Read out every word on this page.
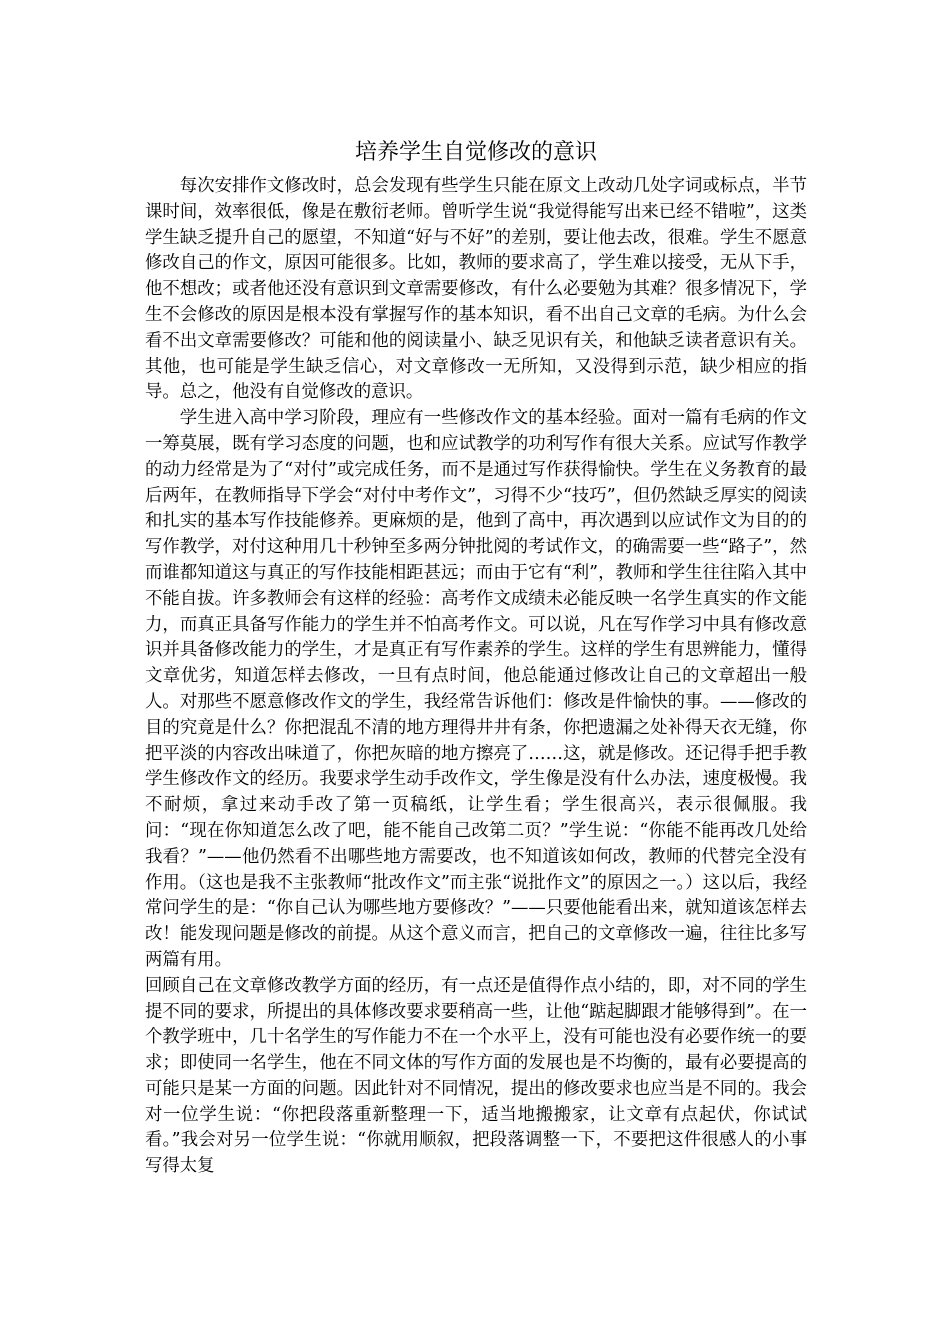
培养学生自觉修改的意识

每次安排作文修改时，总会发现有些学生只能在原文上改动几处字词或标点，半节课时间，效率很低，像是在敷衍老师。曾听学生说“我觉得能写出来已经不错啦”，这类学生缺乏提升自己的愿望，不知道“好与不好”的差别，要让他去改，很难。学生不愿意修改自己的作文，原因可能很多。比如，教师的要求高了，学生难以接受，无从下手，他不想改；或者他还没有意识到文章需要修改，有什么必要勉为其难？很多情况下，学生不会修改的原因是根本没有掌握写作的基本知识，看不出自己文章的毛病。为什么会看不出文章需要修改？可能和他的阅读量小、缺乏见识有关，和他缺乏读者意识有关。其他，也可能是学生缺乏信心，对文章修改一无所知，又没得到示范，缺少相应的指导。总之，他没有自觉修改的意识。

学生进入高中学习阶段，理应有一些修改作文的基本经验。面对一篇有毛病的作文一筹莫展，既有学习态度的问题，也和应试教学的功利写作有很大关系。应试写作教学的动力经常是为了“对付”或完成任务，而不是通过写作获得愉快。学生在义务教育的最后两年，在教师指导下学会“对付中考作文”，习得不少“技巧”，但仍然缺乏厚实的阅读和扎实的基本写作技能修养。更麻烦的是，他到了高中，再次遇到以应试作文为目的的写作教学，对付这种用几十秒钟至多两分钟批阅的考试作文，的确需要一些“路子”，然而谁都知道这与真正的写作技能相距甚远；而由于它有“利”，教师和学生往往陷入其中不能自拔。许多教师会有这样的经验：高考作文成绩未必能反映一名学生真实的作文能力，而真正具备写作能力的学生并不怕高考作文。可以说，凡在写作学习中具有修改意识并具备修改能力的学生，才是真正有写作素养的学生。这样的学生有思辨能力，懂得文章优劣，知道怎样去修改，一旦有点时间，他总能通过修改让自己的文章超出一般人。对那些不愿意修改作文的学生，我经常告诉他们：修改是件愉快的事。——修改的目的究竟是什么？你把混乱不清的地方理得井井有条，你把遗漏之处补得天衣无缝，你把平淡的内容改出味道了，你把灰暗的地方擦亮了……这，就是修改。还记得手把手教学生修改作文的经历。我要求学生动手改作文，学生像是没有什么办法，速度极慢。我不耐烦，拿过来动手改了第一页稿纸，让学生看；学生很高兴，表示很佩服。我问：“现在你知道怎么改了吧，能不能自己改第二页？”学生说：“你能不能再改几处给我看？”——他仍然看不出哪些地方需要改，也不知道该如何改，教师的代替完全没有作用。（这也是我不主张教师“批改作文”而主张“说批作文”的原因之一。）这以后，我经常问学生的是：“你自己认为哪些地方要修改？”——只要他能看出来，就知道该怎样去改！能发现问题是修改的前提。从这个意义而言，把自己的文章修改一遍，往往比多写两篇有用。

回顾自己在文章修改教学方面的经历，有一点还是值得作点小结的，即，对不同的学生提不同的要求，所提出的具体修改要求要稍高一些，让他“踮起脚跟才能够得到”。在一个教学班中，几十名学生的写作能力不在一个水平上，没有可能也没有必要作统一的要求；即使同一名学生，他在不同文体的写作方面的发展也是不均衡的，最有必要提高的可能只是某一方面的问题。因此针对不同情况，提出的修改要求也应当是不同的。我会对一位学生说：“你把段落重新整理一下，适当地搬搬家，让文章有点起伏，你试试看。”我会对另一位学生说：“你就用顺叙，把段落调整一下，不要把这件很感人的小事写得太复
